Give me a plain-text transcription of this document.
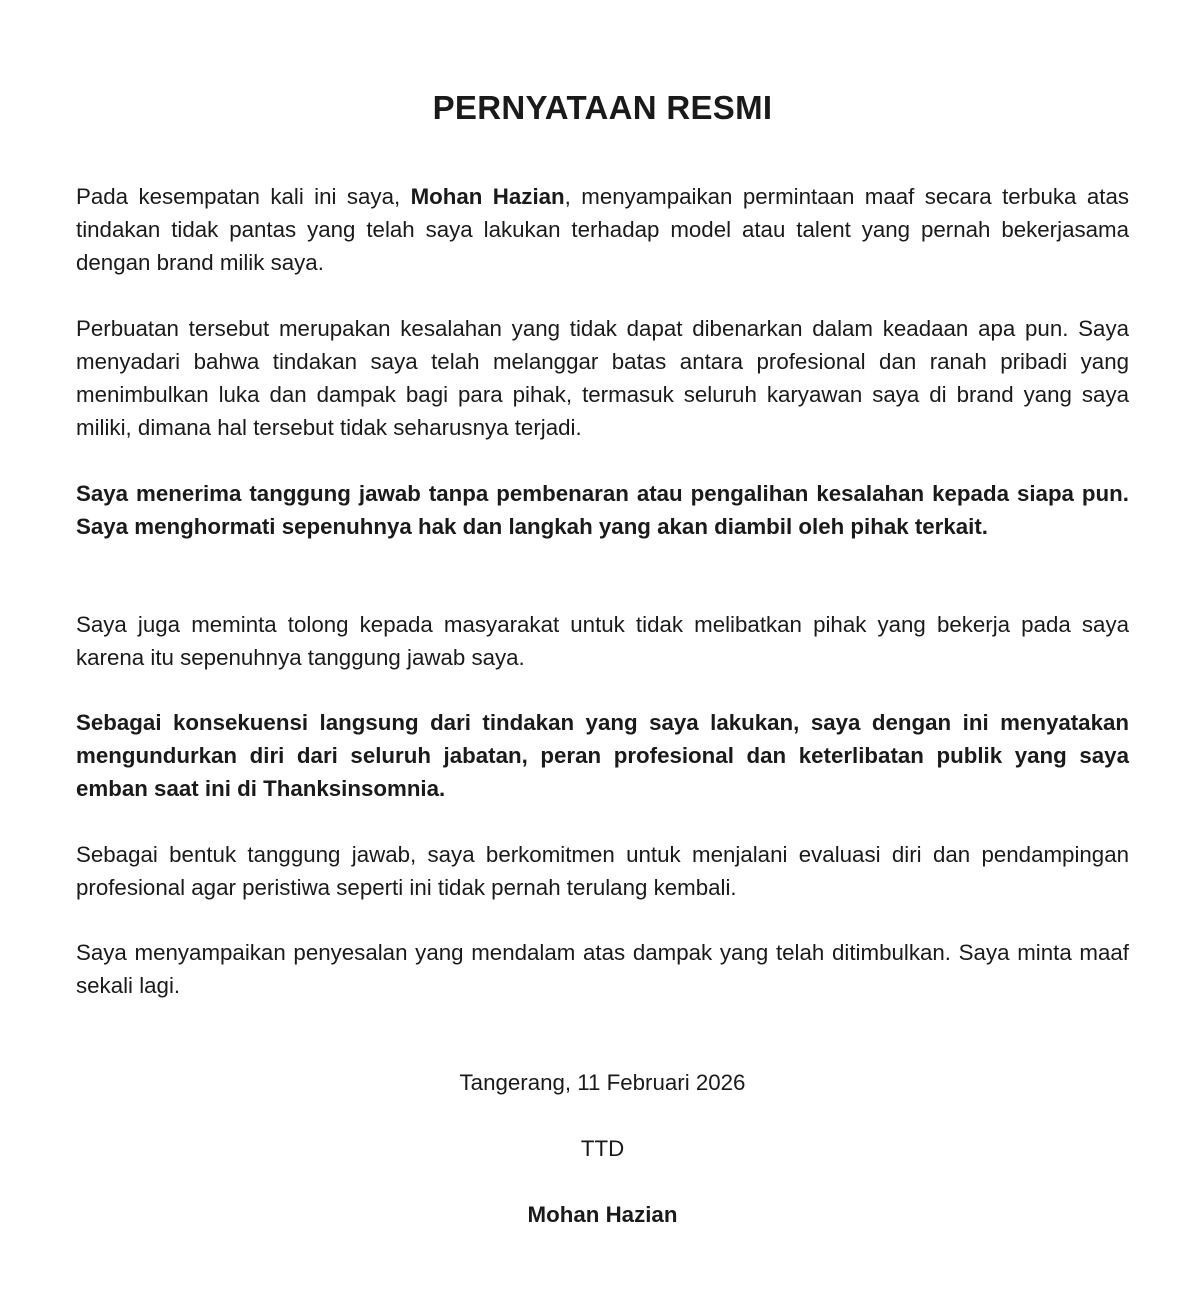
PERNYATAAN RESMI

Pada kesempatan kali ini saya, Mohan Hazian, menyampaikan permintaan maaf secara terbuka atas tindakan tidak pantas yang telah saya lakukan terhadap model atau talent yang pernah bekerjasama dengan brand milik saya.

Perbuatan tersebut merupakan kesalahan yang tidak dapat dibenarkan dalam keadaan apa pun. Saya menyadari bahwa tindakan saya telah melanggar batas antara profesional dan ranah pribadi yang menimbulkan luka dan dampak bagi para pihak, termasuk seluruh karyawan saya di brand yang saya miliki, dimana hal tersebut tidak seharusnya terjadi.

Saya menerima tanggung jawab tanpa pembenaran atau pengalihan kesalahan kepada siapa pun. Saya menghormati sepenuhnya hak dan langkah yang akan diambil oleh pihak terkait.

Saya juga meminta tolong kepada masyarakat untuk tidak melibatkan pihak yang bekerja pada saya karena itu sepenuhnya tanggung jawab saya.

Sebagai konsekuensi langsung dari tindakan yang saya lakukan, saya dengan ini menyatakan mengundurkan diri dari seluruh jabatan, peran profesional dan keterlibatan publik yang saya emban saat ini di Thanksinsomnia.

Sebagai bentuk tanggung jawab, saya berkomitmen untuk menjalani evaluasi diri dan pendampingan profesional agar peristiwa seperti ini tidak pernah terulang kembali.

Saya menyampaikan penyesalan yang mendalam atas dampak yang telah ditimbulkan. Saya minta maaf sekali lagi.

Tangerang, 11 Februari 2026

TTD

Mohan Hazian
